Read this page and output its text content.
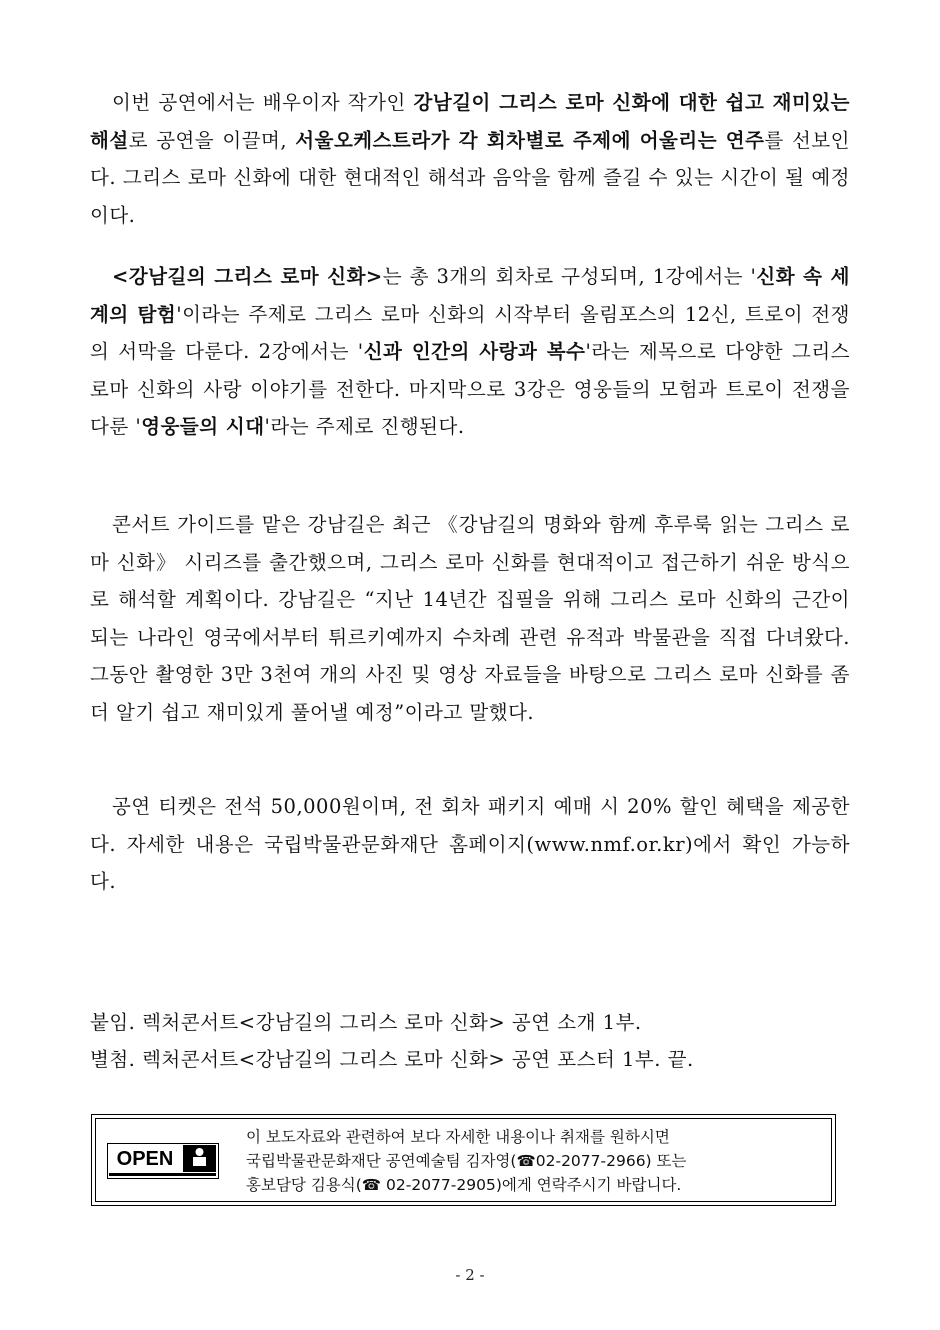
이번 공연에서는 배우이자 작가인 강남길이 그리스 로마 신화에 대한 쉽고 재미있는 해설로 공연을 이끌며, 서울오케스트라가 각 회차별로 주제에 어울리는 연주를 선보인다. 그리스 로마 신화에 대한 현대적인 해석과 음악을 함께 즐길 수 있는 시간이 될 예정이다.

<강남길의 그리스 로마 신화>는 총 3개의 회차로 구성되며, 1강에서는 '신화 속 세계의 탐험'이라는 주제로 그리스 로마 신화의 시작부터 올림포스의 12신, 트로이 전쟁의 서막을 다룬다. 2강에서는 '신과 인간의 사랑과 복수'라는 제목으로 다양한 그리스 로마 신화의 사랑 이야기를 전한다. 마지막으로 3강은 영웅들의 모험과 트로이 전쟁을 다룬 '영웅들의 시대'라는 주제로 진행된다.

콘서트 가이드를 맡은 강남길은 최근 《강남길의 명화와 함께 후루룩 읽는 그리스 로마 신화》 시리즈를 출간했으며, 그리스 로마 신화를 현대적이고 접근하기 쉬운 방식으로 해석할 계획이다. 강남길은 “지난 14년간 집필을 위해 그리스 로마 신화의 근간이 되는 나라인 영국에서부터 튀르키예까지 수차례 관련 유적과 박물관을 직접 다녀왔다. 그동안 촬영한 3만 3천여 개의 사진 및 영상 자료들을 바탕으로 그리스 로마 신화를 좀 더 알기 쉽고 재미있게 풀어낼 예정”이라고 말했다.

공연 티켓은 전석 50,000원이며, 전 회차 패키지 예매 시 20% 할인 혜택을 제공한다. 자세한 내용은 국립박물관문화재단 홈페이지(www.nmf.or.kr)에서 확인 가능하다.

붙임. 렉처콘서트<강남길의 그리스 로마 신화> 공연 소개 1부.

별첨. 렉처콘서트<강남길의 그리스 로마 신화> 공연 포스터 1부. 끝.

OPEN

이 보도자료와 관련하여 보다 자세한 내용이나 취재를 원하시면
국립박물관문화재단 공연예술팀 김자영(☎02-2077-2966) 또는
홍보담당 김용식(☎ 02-2077-2905)에게 연락주시기 바랍니다.

- 2 -
